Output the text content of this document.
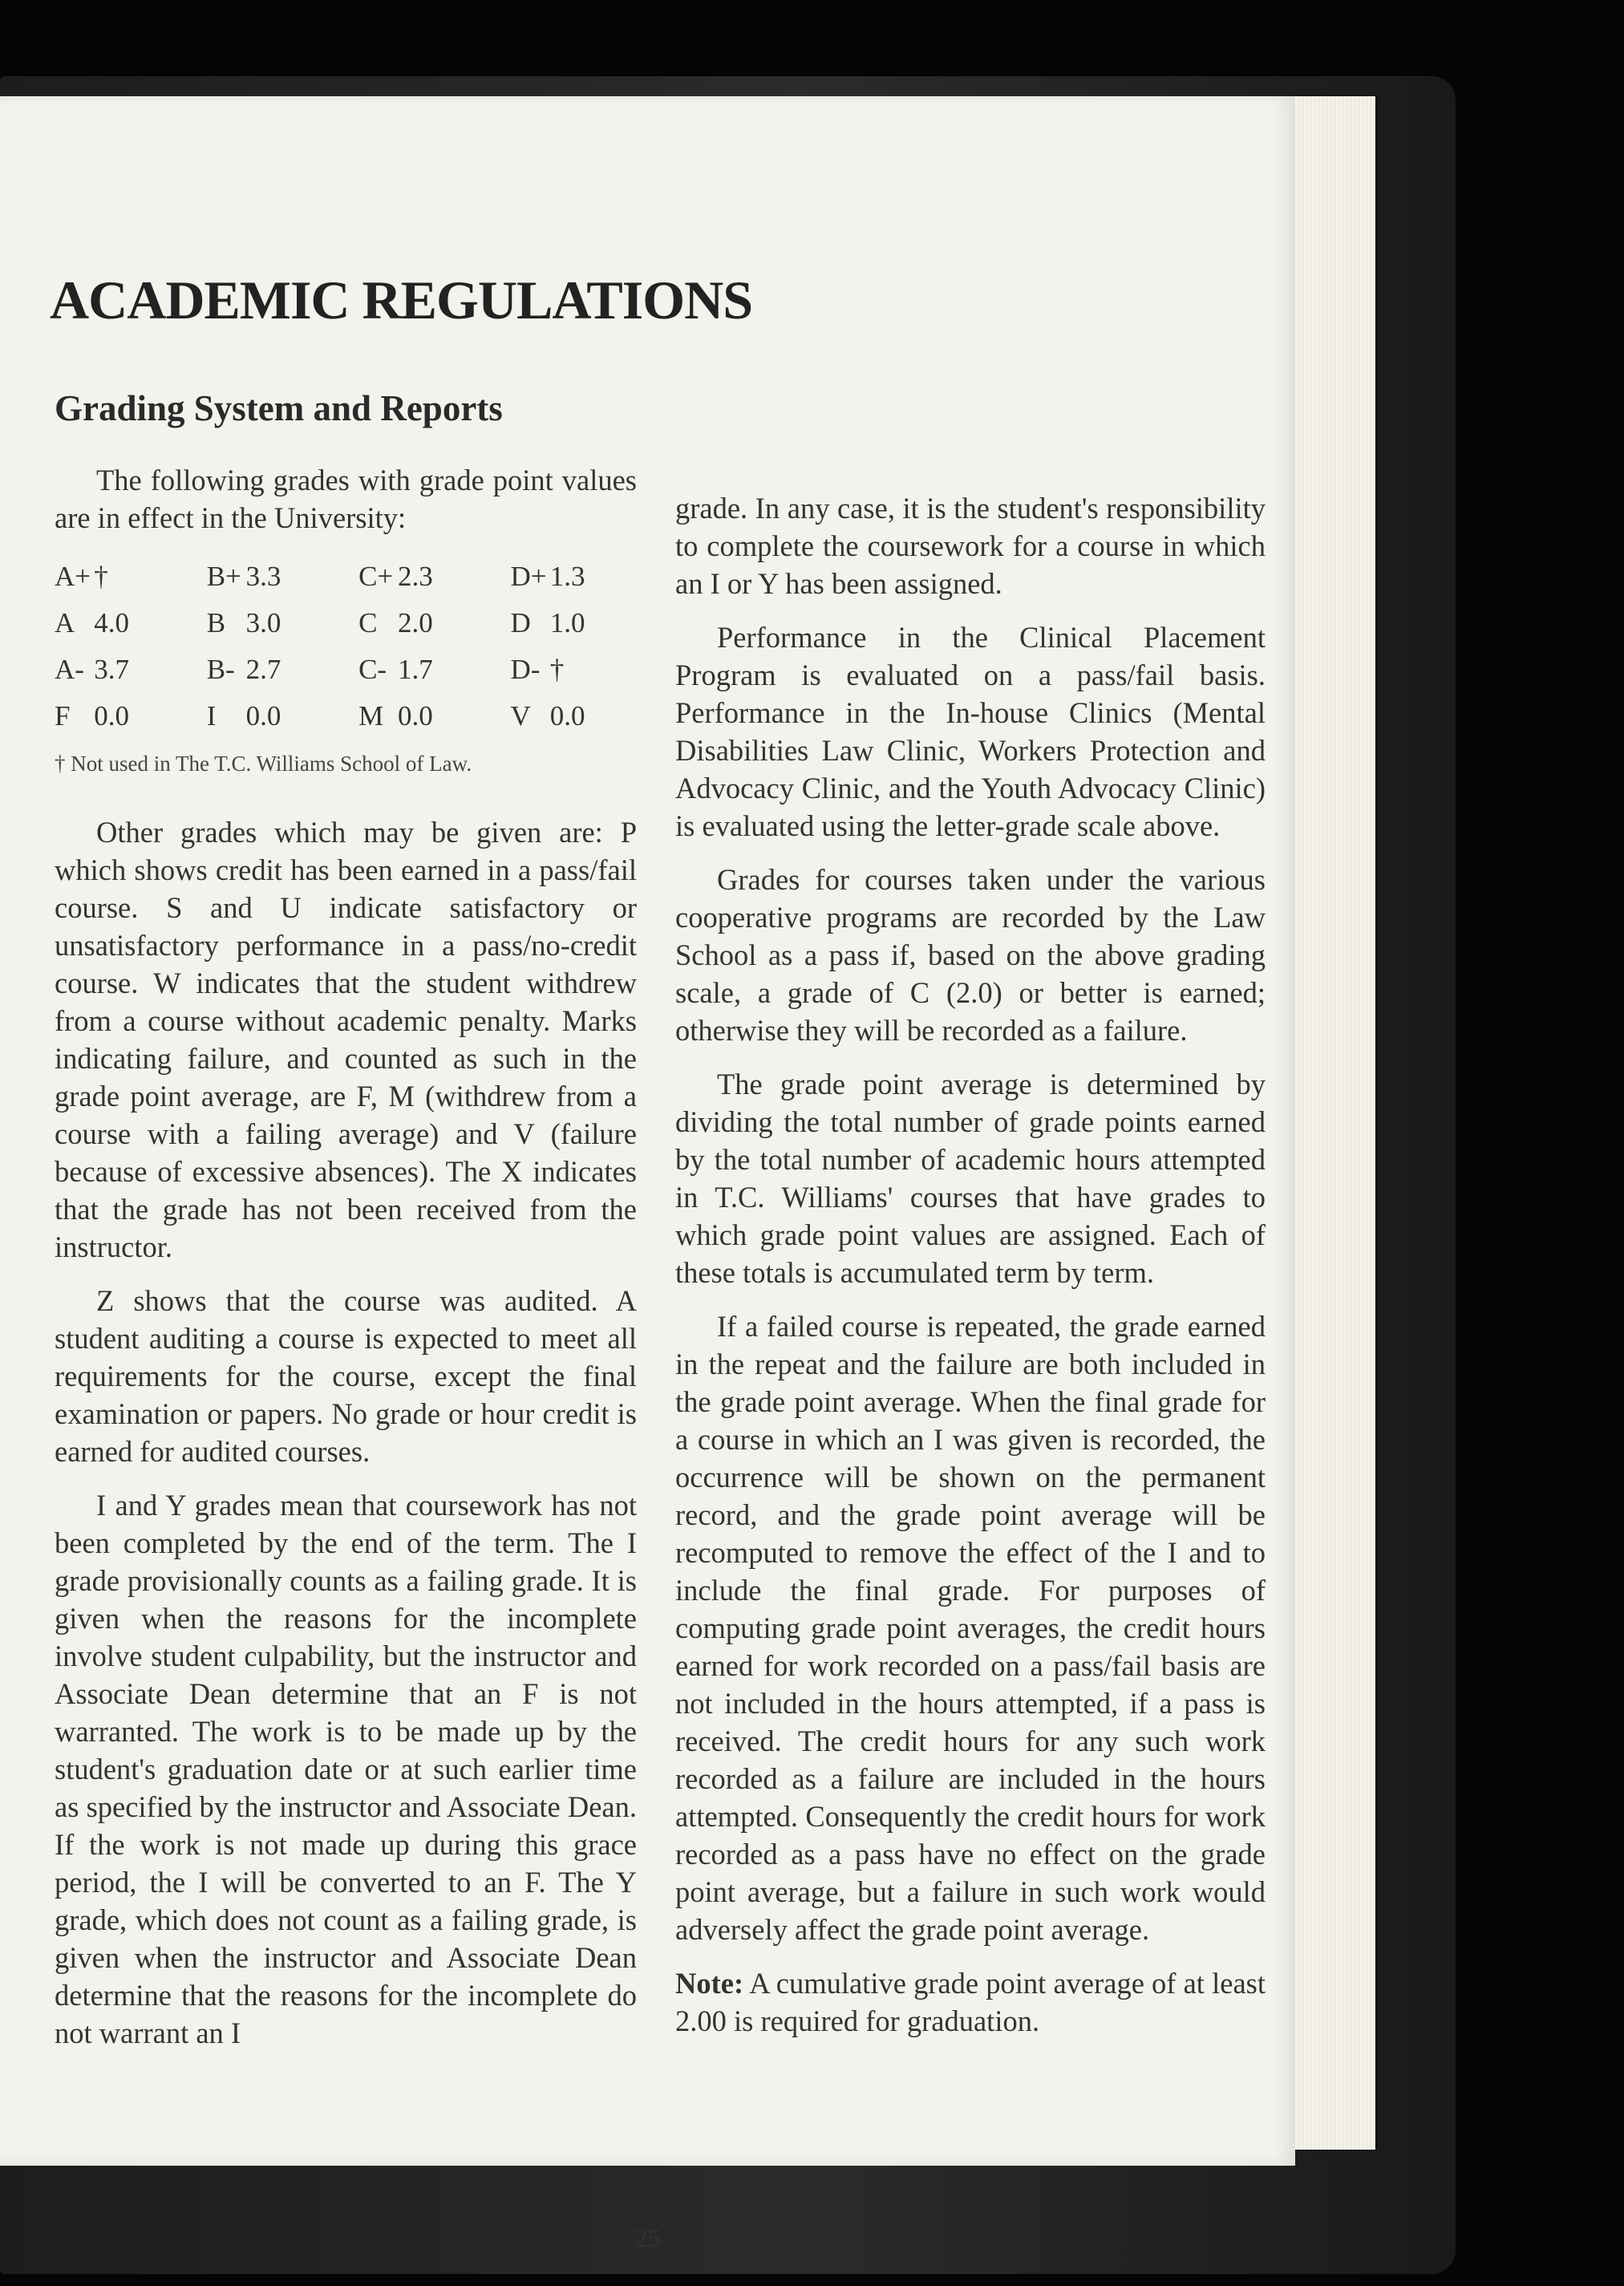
ACADEMIC REGULATIONS
Grading System and Reports

The following grades with grade point values are in effect in the University:

A+	†	B+	3.3	C+	2.3	D+	1.3
A	4.0	B	3.0	C	2.0	D	1.0
A-	3.7	B-	2.7	C-	1.7	D-	†
F	0.0	I	0.0	M	0.0	V	0.0
† Not used in The T.C. Williams School of Law.

Other grades which may be given are: P which shows credit has been earned in a pass/fail course. S and U indicate satisfactory or unsatisfactory performance in a pass/no-credit course. W indicates that the student withdrew from a course without academic penalty. Marks indicating failure, and counted as such in the grade point average, are F, M (withdrew from a course with a failing average) and V (failure because of excessive absences). The X indicates that the grade has not been received from the instructor.

Z shows that the course was audited. A student auditing a course is expected to meet all requirements for the course, except the final examination or papers. No grade or hour credit is earned for audited courses.

I and Y grades mean that coursework has not been completed by the end of the term. The I grade provisionally counts as a failing grade. It is given when the reasons for the incomplete involve student culpability, but the instructor and Associate Dean determine that an F is not warranted. The work is to be made up by the student's graduation date or at such earlier time as specified by the instructor and Associate Dean. If the work is not made up during this grace period, the I will be converted to an F. The Y grade, which does not count as a failing grade, is given when the instructor and Associate Dean determine that the reasons for the incomplete do not warrant an I

grade. In any case, it is the student's responsibility to complete the coursework for a course in which an I or Y has been assigned.

Performance in the Clinical Placement Program is evaluated on a pass/fail basis. Performance in the In-house Clinics (Mental Disabilities Law Clinic, Workers Protection and Advocacy Clinic, and the Youth Advocacy Clinic) is evaluated using the letter-grade scale above.

Grades for courses taken under the various cooperative programs are recorded by the Law School as a pass if, based on the above grading scale, a grade of C (2.0) or better is earned; otherwise they will be recorded as a failure.

The grade point average is determined by dividing the total number of grade points earned by the total number of academic hours attempted in T.C. Williams' courses that have grades to which grade point values are assigned. Each of these totals is accumulated term by term.

If a failed course is repeated, the grade earned in the repeat and the failure are both included in the grade point average. When the final grade for a course in which an I was given is recorded, the occurrence will be shown on the permanent record, and the grade point average will be recomputed to remove the effect of the I and to include the final grade. For purposes of computing grade point averages, the credit hours earned for work recorded on a pass/fail basis are not included in the hours attempted, if a pass is received. The credit hours for any such work recorded as a failure are included in the hours attempted. Consequently the credit hours for work recorded as a pass have no effect on the grade point average, but a failure in such work would adversely affect the grade point average.

Note: A cumulative grade point average of at least 2.00 is required for graduation.

25
